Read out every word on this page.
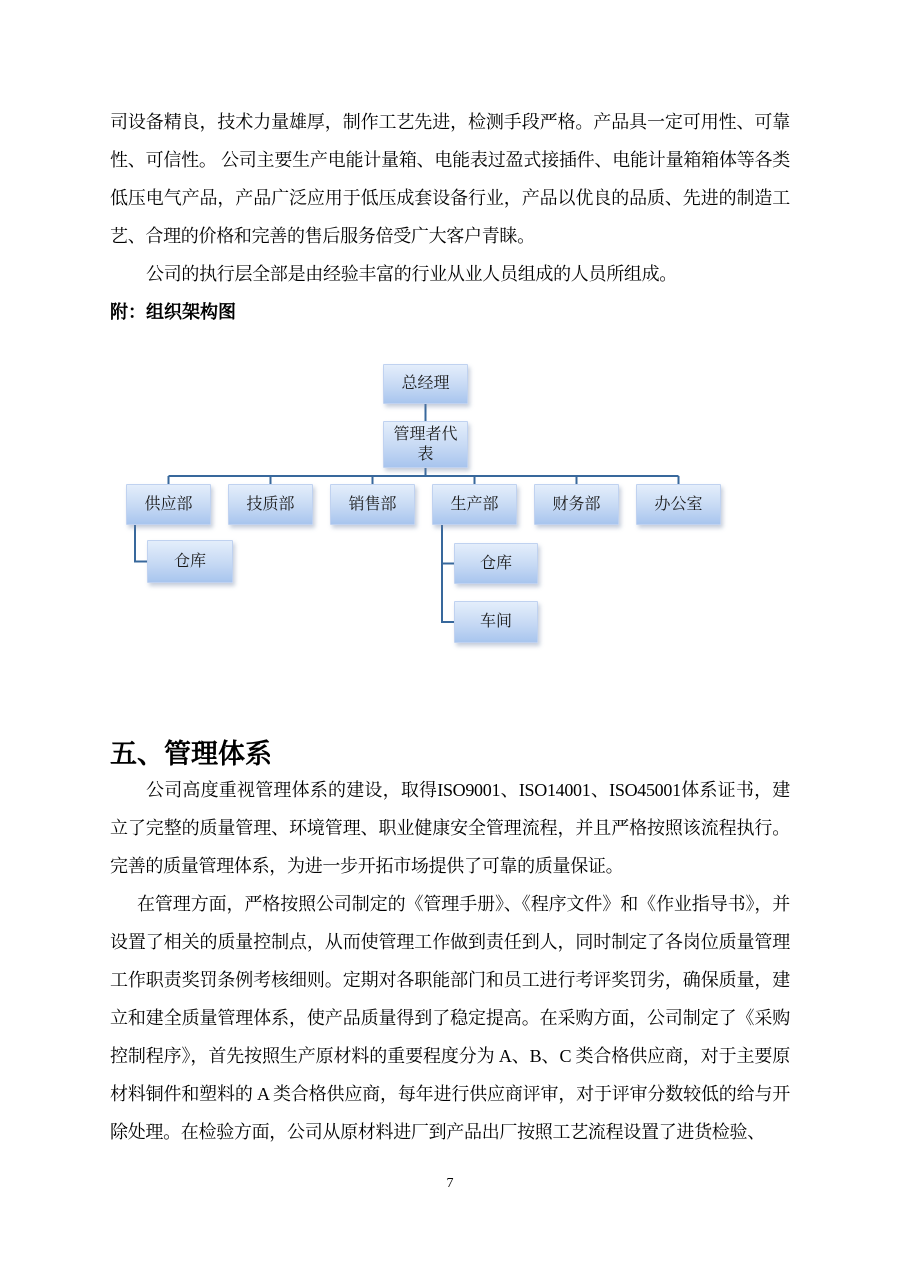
司设备精良，技术力量雄厚，制作工艺先进，检测手段严格。产品具一定可用性、可靠性、可信性。 公司主要生产电能计量箱、电能表过盈式接插件、电能计量箱箱体等各类低压电气产品，产品广泛应用于低压成套设备行业，产品以优良的品质、先进的制造工艺、合理的价格和完善的售后服务倍受广大客户青睐。

公司的执行层全部是由经验丰富的行业从业人员组成的人员所组成。

附：组织架构图

总经理
管理者代表
供应部	技质部	销售部	生产部	财务部	办公室
仓库	仓库
车间
五、管理体系

公司高度重视管理体系的建设，取得ISO9001、ISO14001、ISO45001体系证书，建立了完整的质量管理、环境管理、职业健康安全管理流程，并且严格按照该流程执行。完善的质量管理体系，为进一步开拓市场提供了可靠的质量保证。

在管理方面，严格按照公司制定的《管理手册》、《程序文件》和《作业指导书》，并设置了相关的质量控制点，从而使管理工作做到责任到人，同时制定了各岗位质量管理工作职责奖罚条例考核细则。定期对各职能部门和员工进行考评奖罚劣，确保质量，建立和建全质量管理体系，使产品质量得到了稳定提高。在采购方面，公司制定了《采购控制程序》，首先按照生产原材料的重要程度分为 A、B、C 类合格供应商，对于主要原材料铜件和塑料的 A 类合格供应商，每年进行供应商评审，对于评审分数较低的给与开除处理。在检验方面，公司从原材料进厂到产品出厂按照工艺流程设置了进货检验、

7
